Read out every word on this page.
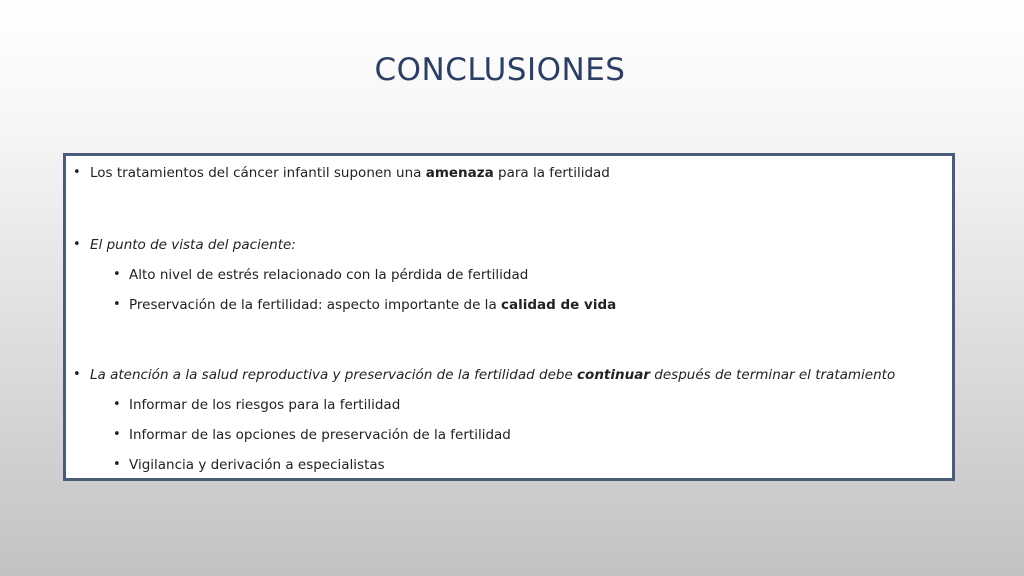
CONCLUSIONES
• Los tratamientos del cáncer infantil suponen una amenaza para la fertilidad
• El punto de vista del paciente:
• Alto nivel de estrés relacionado con la pérdida de fertilidad
• Preservación de la fertilidad: aspecto importante de la calidad de vida
• La atención a la salud reproductiva y preservación de la fertilidad debe continuar después de terminar el tratamiento
• Informar de los riesgos para la fertilidad
• Informar de las opciones de preservación de la fertilidad
• Vigilancia y derivación a especialistas
